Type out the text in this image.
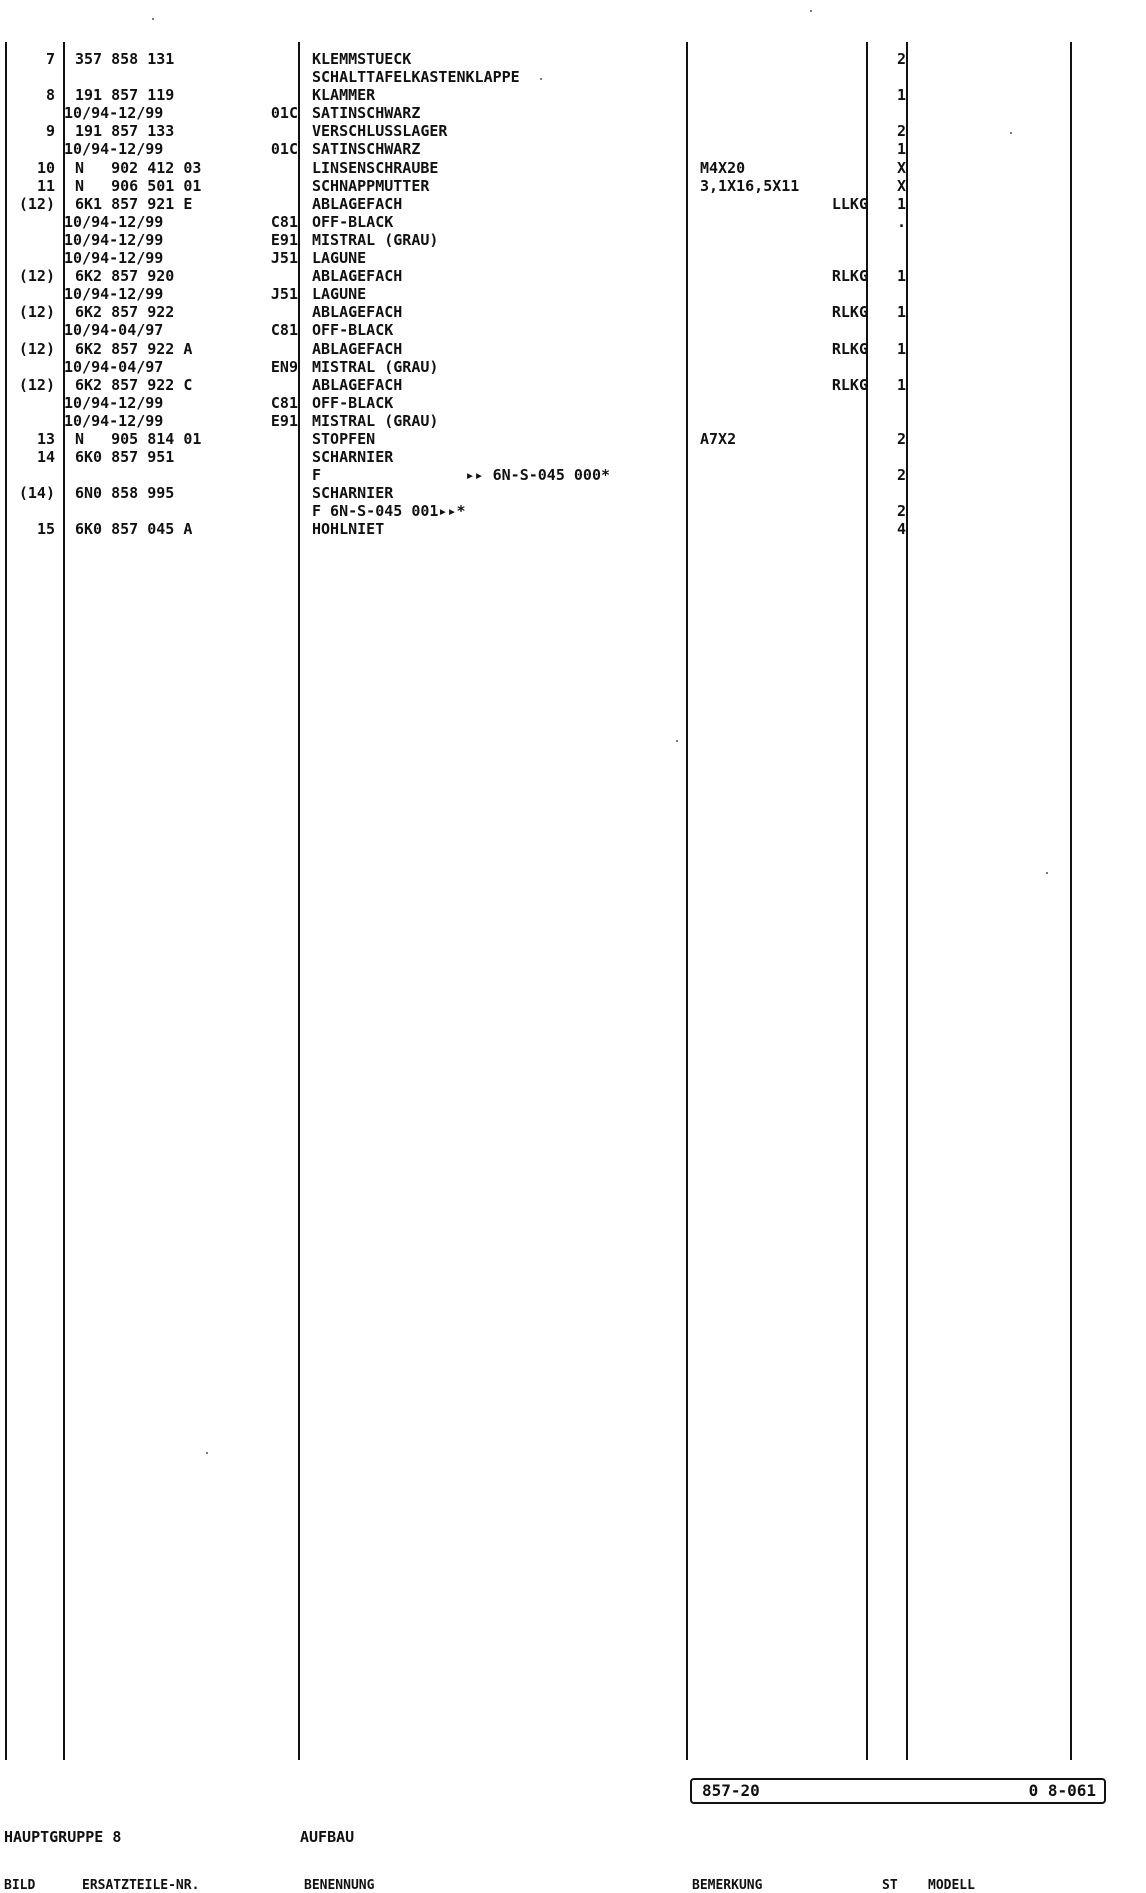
7 357 858 131	KLEMMSTUECK	2
SCHALTTAFELKASTENKLAPPE
8 191 857 119	KLAMMER	1
10/94-12/99	01C SATINSCHWARZ
9 191 857 133	VERSCHLUSSLAGER	2
10/94-12/99	01C SATINSCHWARZ	1
10 N   902 412 03	LINSENSCHRAUBE	M4X20	X
11 N   906 501 01	SCHNAPPMUTTER	3,1X16,5X11	X
(12) 6K1 857 921 E	ABLAGEFACH	LLKG	1
10/94-12/99	C81 OFF-BLACK	.
10/94-12/99	E91 MISTRAL (GRAU)
10/94-12/99	J51 LAGUNE
(12) 6K2 857 920	ABLAGEFACH	RLKG	1
10/94-12/99	J51 LAGUNE
(12) 6K2 857 922	ABLAGEFACH	RLKG	1
10/94-04/97	C81 OFF-BLACK
(12) 6K2 857 922 A	ABLAGEFACH	RLKG	1
10/94-04/97	EN9 MISTRAL (GRAU)
(12) 6K2 857 922 C	ABLAGEFACH	RLKG	1
10/94-12/99	C81 OFF-BLACK
10/94-12/99	E91 MISTRAL (GRAU)
13 N   905 814 01	STOPFEN	A7X2	2
14 6K0 857 951	SCHARNIER
F                ▸▸ 6N-S-045 000*	2
(14) 6N0 858 995	SCHARNIER
F 6N-S-045 001▸▸*	2
15 6K0 857 045 A	HOHLNIET	4
857-20	0 8-061
HAUPTGRUPPE 8	AUFBAU
BILD	ERSATZTEILE-NR.	BENENNUNG	BEMERKUNG	ST MODELL
